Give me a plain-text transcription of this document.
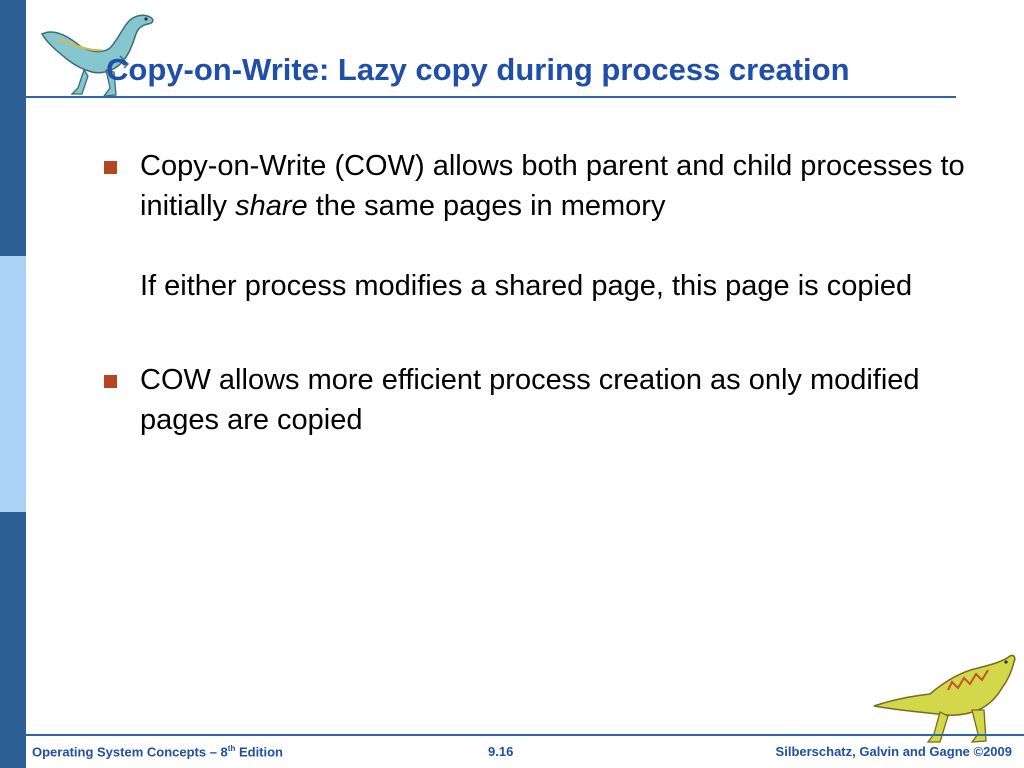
Copy-on-Write: Lazy copy during process creation
Copy-on-Write (COW) allows both parent and child processes to initially share the same pages in memory
If either process modifies a shared page, this page is copied
COW allows more efficient process creation as only modified pages are copied
Operating System Concepts – 8th Edition	9.16	Silberschatz, Galvin and Gagne ©2009
